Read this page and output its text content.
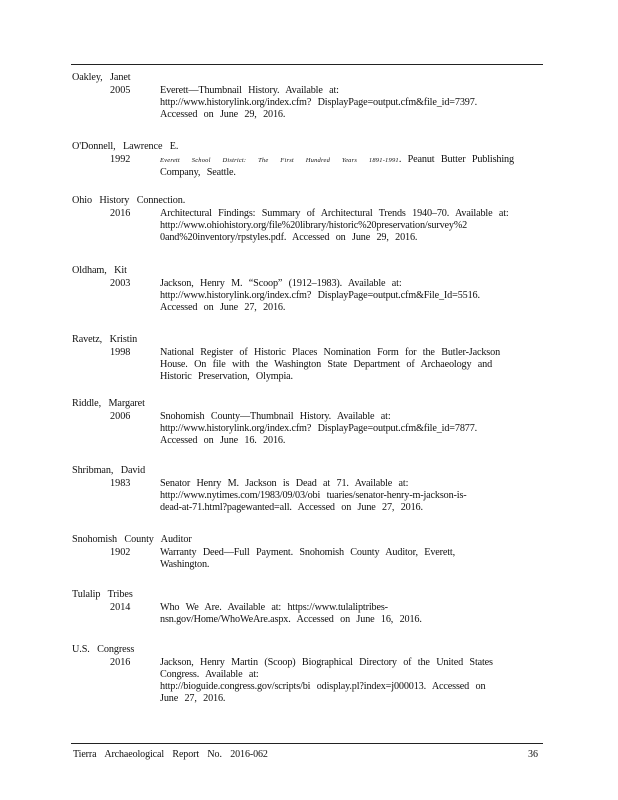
Oakley, Janet
2005	Everett—Thumbnail History. Available at:
http://www.historylink.org/index.cfm? DisplayPage=output.cfm&file_id=7397.
Accessed on June 29, 2016.
O'Donnell, Lawrence E.
1992	Everett School District: The First Hundred Years 1891-1991. Peanut Butter Publishing
Company, Seattle.
Ohio History Connection.
2016	Architectural Findings: Summary of Architectural Trends 1940–70. Available at:
http://www.ohiohistory.org/file%20library/historic%20preservation/survey%2
0and%20inventory/rpstyles.pdf. Accessed on June 29, 2016.
Oldham, Kit
2003	Jackson, Henry M. “Scoop” (1912–1983). Available at:
http://www.historylink.org/index.cfm? DisplayPage=output.cfm&File_Id=5516.
Accessed on June 27, 2016.
Ravetz, Kristin
1998	National Register of Historic Places Nomination Form for the Butler-Jackson
House. On file with the Washington State Department of Archaeology and
Historic Preservation, Olympia.
Riddle, Margaret
2006	Snohomish County—Thumbnail History. Available at:
http://www.historylink.org/index.cfm? DisplayPage=output.cfm&file_id=7877.
Accessed on June 16. 2016.
Shribman, David
1983	Senator Henry M. Jackson is Dead at 71. Available at:
http://www.nytimes.com/1983/09/03/obi tuaries/senator-henry-m-jackson-is-
dead-at-71.html?pagewanted=all. Accessed on June 27, 2016.
Snohomish County Auditor
1902	Warranty Deed—Full Payment. Snohomish County Auditor, Everett,
Washington.
Tulalip Tribes
2014	Who We Are. Available at: https://www.tulaliptribes-
nsn.gov/Home/WhoWeAre.aspx. Accessed on June 16, 2016.
U.S. Congress
2016	Jackson, Henry Martin (Scoop) Biographical Directory of the United States
Congress. Available at:
http://bioguide.congress.gov/scripts/bi odisplay.pl?index=j000013. Accessed on
June 27, 2016.
Tierra Archaeological Report No. 2016-062	36
